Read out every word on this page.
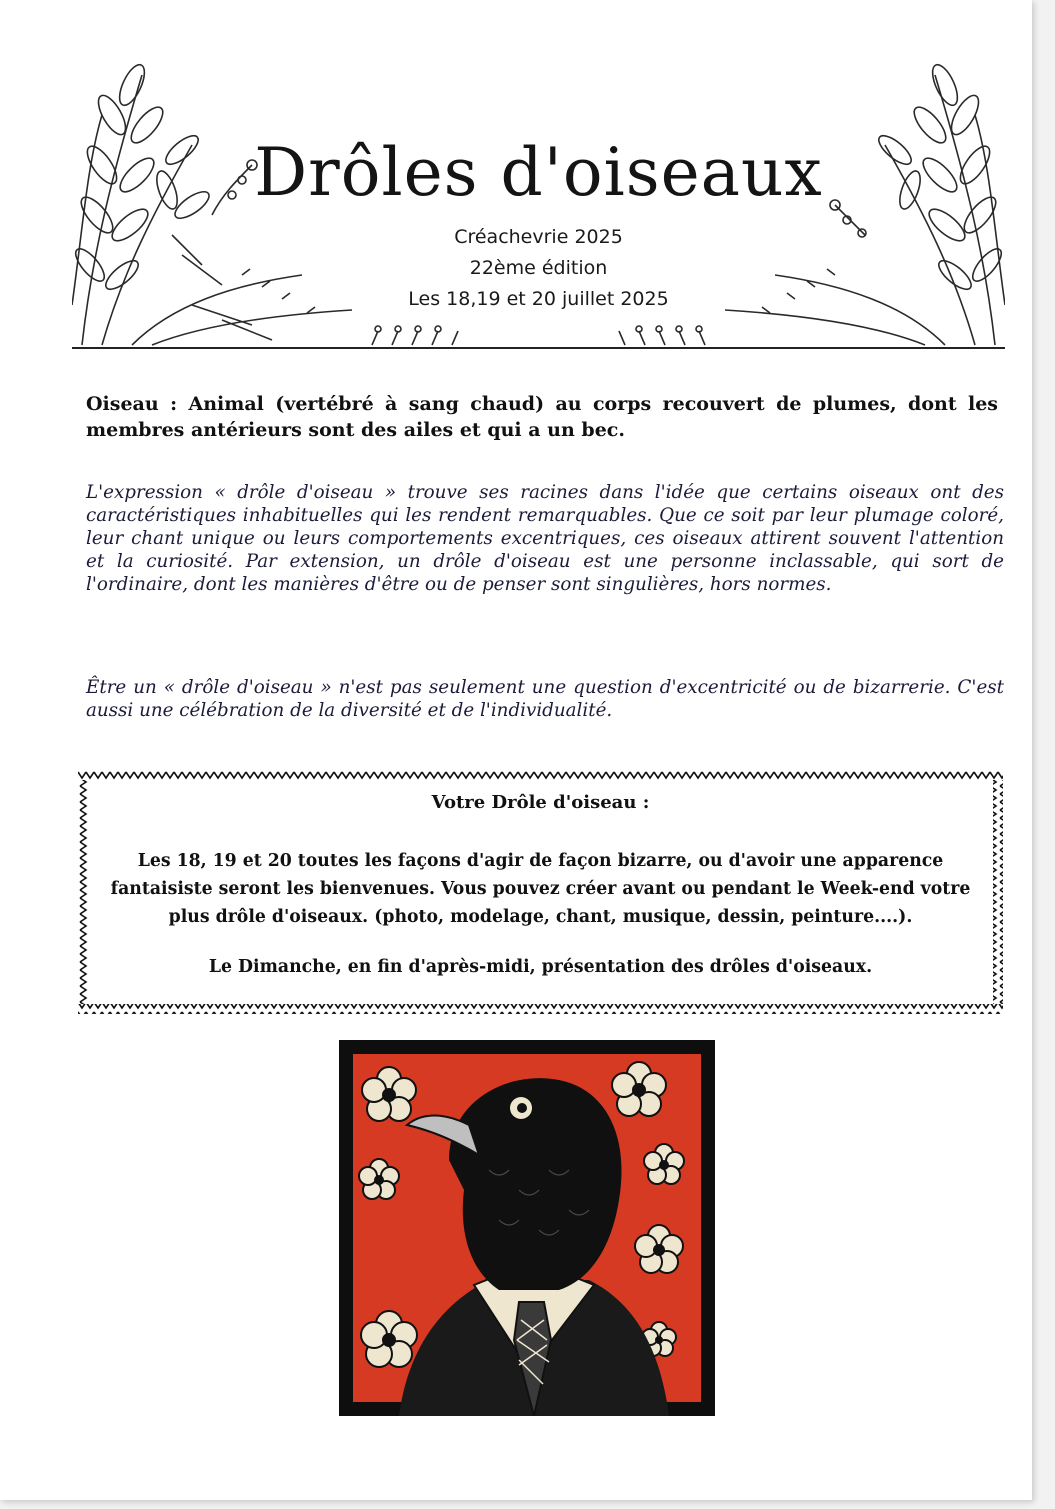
Drôles d'oiseaux
Créachevrie 2025
22ème édition
Les 18,19 et 20 juillet 2025

Oiseau : Animal (vertébré à sang chaud) au corps recouvert de plumes, dont les membres antérieurs sont des ailes et qui a un bec.

L'expression « drôle d'oiseau » trouve ses racines dans l'idée que certains oiseaux ont des caractéristiques inhabituelles qui les rendent remarquables. Que ce soit par leur plumage coloré, leur chant unique ou leurs comportements excentriques, ces oiseaux attirent souvent l'attention et la curiosité. Par extension, un drôle d'oiseau est une personne inclassable, qui sort de l'ordinaire, dont les manières d'être ou de penser sont singulières, hors normes.

Être un « drôle d'oiseau » n'est pas seulement une question d'excentricité ou de bizarrerie. C'est aussi une célébration de la diversité et de l'individualité.

Votre Drôle d'oiseau :

Les 18, 19 et 20 toutes les façons d'agir de façon bizarre, ou d'avoir une apparence fantaisiste seront les bienvenues. Vous pouvez créer avant ou pendant le Week-end votre plus drôle d'oiseaux. (photo, modelage, chant, musique, dessin, peinture....).

Le Dimanche, en fin d'après-midi, présentation des drôles d'oiseaux.
